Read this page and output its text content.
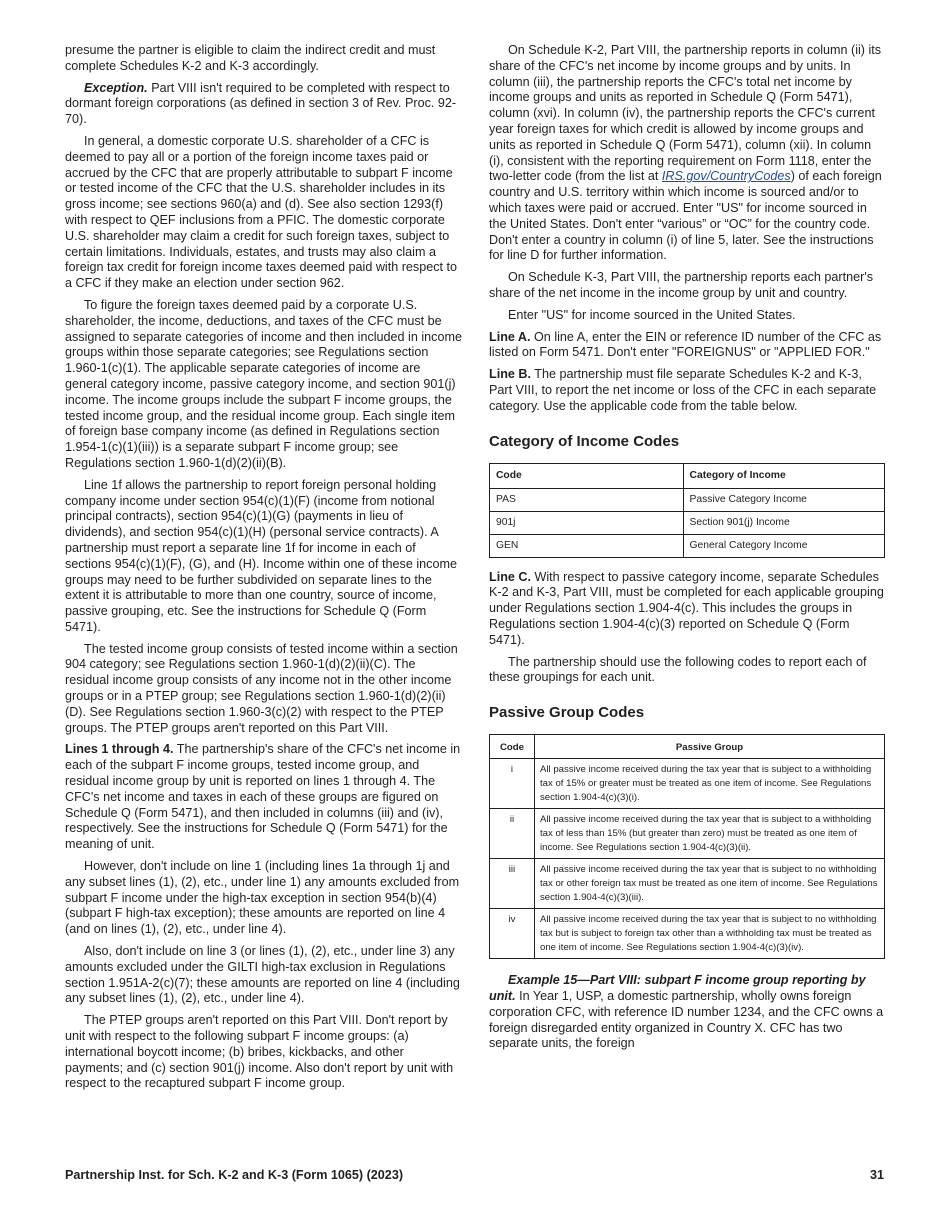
presume the partner is eligible to claim the indirect credit and must complete Schedules K-2 and K-3 accordingly.

Exception. Part VIII isn't required to be completed with respect to dormant foreign corporations (as defined in section 3 of Rev. Proc. 92-70).

In general, a domestic corporate U.S. shareholder of a CFC is deemed to pay all or a portion of the foreign income taxes paid or accrued by the CFC that are properly attributable to subpart F income or tested income of the CFC that the U.S. shareholder includes in its gross income; see sections 960(a) and (d). See also section 1293(f) with respect to QEF inclusions from a PFIC. The domestic corporate U.S. shareholder may claim a credit for such foreign taxes, subject to certain limitations. Individuals, estates, and trusts may also claim a foreign tax credit for foreign income taxes deemed paid with respect to a CFC if they make an election under section 962.

To figure the foreign taxes deemed paid by a corporate U.S. shareholder, the income, deductions, and taxes of the CFC must be assigned to separate categories of income and then included in income groups within those separate categories; see Regulations section 1.960-1(c)(1). The applicable separate categories of income are general category income, passive category income, and section 901(j) income. The income groups include the subpart F income groups, the tested income group, and the residual income group. Each single item of foreign base company income (as defined in Regulations section 1.954-1(c)(1)(iii)) is a separate subpart F income group; see Regulations section 1.960-1(d)(2)(ii)(B).

Line 1f allows the partnership to report foreign personal holding company income under section 954(c)(1)(F) (income from notional principal contracts), section 954(c)(1)(G) (payments in lieu of dividends), and section 954(c)(1)(H) (personal service contracts). A partnership must report a separate line 1f for income in each of sections 954(c)(1)(F), (G), and (H). Income within one of these income groups may need to be further subdivided on separate lines to the extent it is attributable to more than one country, source of income, passive grouping, etc. See the instructions for Schedule Q (Form 5471).

The tested income group consists of tested income within a section 904 category; see Regulations section 1.960-1(d)(2)(ii)(C). The residual income group consists of any income not in the other income groups or in a PTEP group; see Regulations section 1.960-1(d)(2)(ii)(D). See Regulations section 1.960-3(c)(2) with respect to the PTEP groups. The PTEP groups aren't reported on this Part VIII.

Lines 1 through 4. The partnership's share of the CFC's net income in each of the subpart F income groups, tested income group, and residual income group by unit is reported on lines 1 through 4. The CFC's net income and taxes in each of these groups are figured on Schedule Q (Form 5471), and then included in columns (iii) and (iv), respectively. See the instructions for Schedule Q (Form 5471) for the meaning of unit.

However, don't include on line 1 (including lines 1a through 1j and any subset lines (1), (2), etc., under line 1) any amounts excluded from subpart F income under the high-tax exception in section 954(b)(4) (subpart F high-tax exception); these amounts are reported on line 4 (and on lines (1), (2), etc., under line 4).

Also, don't include on line 3 (or lines (1), (2), etc., under line 3) any amounts excluded under the GILTI high-tax exclusion in Regulations section 1.951A-2(c)(7); these amounts are reported on line 4 (including any subset lines (1), (2), etc., under line 4).

The PTEP groups aren't reported on this Part VIII. Don't report by unit with respect to the following subpart F income groups: (a) international boycott income; (b) bribes, kickbacks, and other payments; and (c) section 901(j) income. Also don't report by unit with respect to the recaptured subpart F income group.

On Schedule K-2, Part VIII, the partnership reports in column (ii) its share of the CFC's net income by income groups and by units. In column (iii), the partnership reports the CFC's total net income by income groups and units as reported in Schedule Q (Form 5471), column (xvi). In column (iv), the partnership reports the CFC's current year foreign taxes for which credit is allowed by income groups and units as reported in Schedule Q (Form 5471), column (xii). In column (i), consistent with the reporting requirement on Form 1118, enter the two-letter code (from the list at IRS.gov/CountryCodes) of each foreign country and U.S. territory within which income is sourced and/or to which taxes were paid or accrued. Enter "US" for income sourced in the United States. Don't enter “various” or “OC” for the country code. Don't enter a country in column (i) of line 5, later. See the instructions for line D for further information.

On Schedule K-3, Part VIII, the partnership reports each partner's share of the net income in the income group by unit and country.

Enter "US" for income sourced in the United States.

Line A. On line A, enter the EIN or reference ID number of the CFC as listed on Form 5471. Don't enter "FOREIGNUS" or "APPLIED FOR."

Line B. The partnership must file separate Schedules K-2 and K-3, Part VIII, to report the net income or loss of the CFC in each separate category. Use the applicable code from the table below.

Category of Income Codes
Code	Category of Income
PAS	Passive Category Income
901j	Section 901(j) Income
GEN	General Category Income

Line C. With respect to passive category income, separate Schedules K-2 and K-3, Part VIII, must be completed for each applicable grouping under Regulations section 1.904-4(c). This includes the groups in Regulations section 1.904-4(c)(3) reported on Schedule Q (Form 5471).

The partnership should use the following codes to report each of these groupings for each unit.

Passive Group Codes
Code	Passive Group
i	All passive income received during the tax year that is subject to a withholding tax of 15% or greater must be treated as one item of income. See Regulations section 1.904-4(c)(3)(i).
ii	All passive income received during the tax year that is subject to a withholding tax of less than 15% (but greater than zero) must be treated as one item of income. See Regulations section 1.904-4(c)(3)(ii).
iii	All passive income received during the tax year that is subject to no withholding tax or other foreign tax must be treated as one item of income. See Regulations section 1.904-4(c)(3)(iii).
iv	All passive income received during the tax year that is subject to no withholding tax but is subject to foreign tax other than a withholding tax must be treated as one item of income. See Regulations section 1.904-4(c)(3)(iv).

Example 15—Part VIII: subpart F income group reporting by unit. In Year 1, USP, a domestic partnership, wholly owns foreign corporation CFC, with reference ID number 1234, and the CFC owns a foreign disregarded entity organized in Country X. CFC has two separate units, the foreign

Partnership Inst. for Sch. K-2 and K-3 (Form 1065) (2023)	31
